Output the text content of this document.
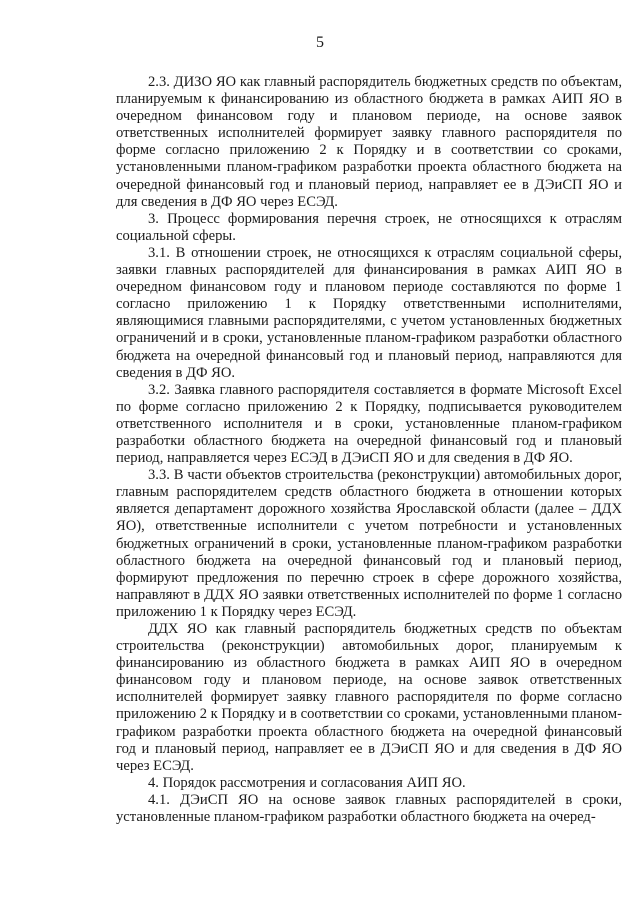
5

2.3. ДИЗО ЯО как главный распорядитель бюджетных средств по объектам, планируемым к финансированию из областного бюджета в рамках АИП ЯО в очередном финансовом году и плановом периоде, на основе заявок ответственных исполнителей формирует заявку главного распорядителя по форме согласно приложению 2 к Порядку и в соответствии со сроками, установленными планом-графиком разработки проекта областного бюджета на очередной финансовый год и плановый период, направляет ее в ДЭиСП ЯО и для сведения в ДФ ЯО через ЕСЭД.

3. Процесс формирования перечня строек, не относящихся к отраслям социальной сферы.

3.1. В отношении строек, не относящихся к отраслям социальной сферы, заявки главных распорядителей для финансирования в рамках АИП ЯО в очередном финансовом году и плановом периоде составляются по форме 1 согласно приложению 1 к Порядку ответственными исполнителями, являющимися главными распорядителями, с учетом установленных бюджетных ограничений и в сроки, установленные планом-графиком разработки областного бюджета на очередной финансовый год и плановый период, направляются для сведения в ДФ ЯО.

3.2. Заявка главного распорядителя составляется в формате Microsoft Excel по форме согласно приложению 2 к Порядку, подписывается руководителем ответственного исполнителя и в сроки, установленные планом-графиком разработки областного бюджета на очередной финансовый год и плановый период, направляется через ЕСЭД в ДЭиСП ЯО и для сведения в ДФ ЯО.

3.3. В части объектов строительства (реконструкции) автомобильных дорог, главным распорядителем средств областного бюджета в отношении которых является департамент дорожного хозяйства Ярославской области (далее – ДДХ ЯО), ответственные исполнители с учетом потребности и установленных бюджетных ограничений в сроки, установленные планом-графиком разработки областного бюджета на очередной финансовый год и плановый период, формируют предложения по перечню строек в сфере дорожного хозяйства, направляют в ДДХ ЯО заявки ответственных исполнителей по форме 1 согласно приложению 1 к Порядку через ЕСЭД.

ДДХ ЯО как главный распорядитель бюджетных средств по объектам строительства (реконструкции) автомобильных дорог, планируемым к финансированию из областного бюджета в рамках АИП ЯО в очередном финансовом году и плановом периоде, на основе заявок ответственных исполнителей формирует заявку главного распорядителя по форме согласно приложению 2 к Порядку и в соответствии со сроками, установленными планом-графиком разработки проекта областного бюджета на очередной финансовый год и плановый период, направляет ее в ДЭиСП ЯО и для сведения в ДФ ЯО через ЕСЭД.

4. Порядок рассмотрения и согласования АИП ЯО.

4.1. ДЭиСП ЯО на основе заявок главных распорядителей в сроки, установленные планом-графиком разработки областного бюджета на очеред-
